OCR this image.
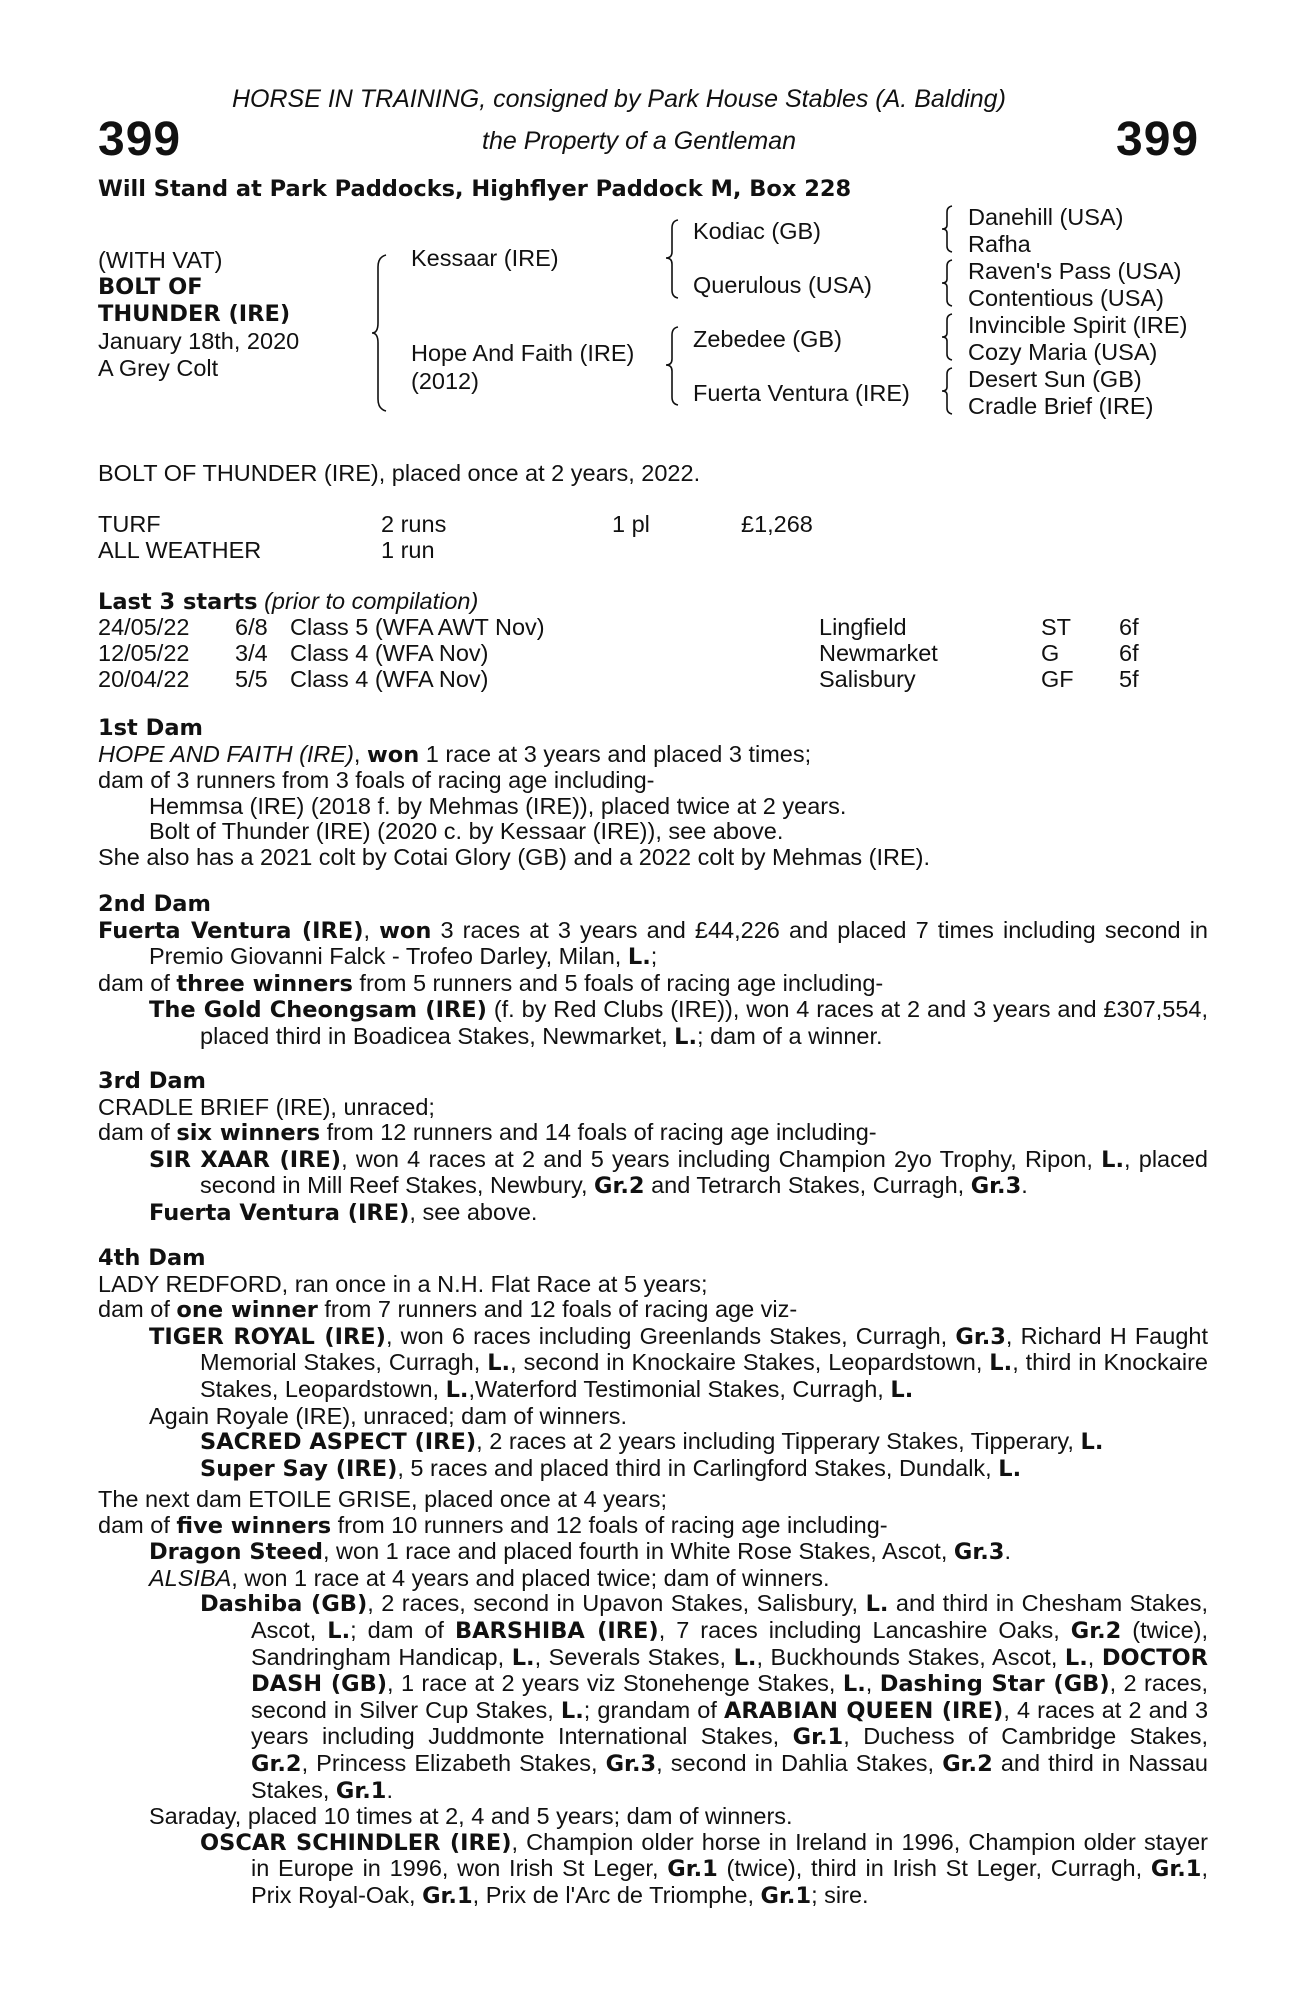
399	399
HORSE IN TRAINING, consigned by Park House Stables (A. Balding)
the Property of a Gentleman
Will Stand at Park Paddocks, Highflyer Paddock M, Box 228
(WITH VAT)
BOLT OF
THUNDER (IRE)
January 18th, 2020
A Grey Colt
Kessaar (IRE)
Hope And Faith (IRE)
(2012)
Kodiac (GB)
Querulous (USA)
Zebedee (GB)
Fuerta Ventura (IRE)
Danehill (USA)
Rafha
Raven's Pass (USA)
Contentious (USA)
Invincible Spirit (IRE)
Cozy Maria (USA)
Desert Sun (GB)
Cradle Brief (IRE)
BOLT OF THUNDER (IRE), placed once at 2 years, 2022.
TURF	2 runs	1 pl	£1,268
ALL WEATHER	1 run
Last 3 starts (prior to compilation)
24/05/22 6/8 Class 5 (WFA AWT Nov)	Lingfield	ST 6f
12/05/22 3/4 Class 4 (WFA Nov)	Newmarket	G	6f
20/04/22 5/5 Class 4 (WFA Nov)	Salisbury	GF 5f

1st Dam

HOPE AND FAITH (IRE), won 1 race at 3 years and placed 3 times;

dam of 3 runners from 3 foals of racing age including-

Hemmsa (IRE) (2018 f. by Mehmas (IRE)), placed twice at 2 years.

Bolt of Thunder (IRE) (2020 c. by Kessaar (IRE)), see above.

She also has a 2021 colt by Cotai Glory (GB) and a 2022 colt by Mehmas (IRE).

2nd Dam

Fuerta Ventura (IRE), won 3 races at 3 years and £44,226 and placed 7 times including second in Premio Giovanni Falck - Trofeo Darley, Milan, L.;

dam of three winners from 5 runners and 5 foals of racing age including-

The Gold Cheongsam (IRE) (f. by Red Clubs (IRE)), won 4 races at 2 and 3 years and £307,554, placed third in Boadicea Stakes, Newmarket, L.; dam of a winner.

3rd Dam

CRADLE BRIEF (IRE), unraced;

dam of six winners from 12 runners and 14 foals of racing age including-

SIR XAAR (IRE), won 4 races at 2 and 5 years including Champion 2yo Trophy, Ripon, L., placed second in Mill Reef Stakes, Newbury, Gr.2 and Tetrarch Stakes, Curragh, Gr.3.

Fuerta Ventura (IRE), see above.

4th Dam

LADY REDFORD, ran once in a N.H. Flat Race at 5 years;

dam of one winner from 7 runners and 12 foals of racing age viz-

TIGER ROYAL (IRE), won 6 races including Greenlands Stakes, Curragh, Gr.3, Richard H Faught Memorial Stakes, Curragh, L., second in Knockaire Stakes, Leopardstown, L., third in Knockaire Stakes, Leopardstown, L.,Waterford Testimonial Stakes, Curragh, L.

Again Royale (IRE), unraced; dam of winners.

SACRED ASPECT (IRE), 2 races at 2 years including Tipperary Stakes, Tipperary, L.

Super Say (IRE), 5 races and placed third in Carlingford Stakes, Dundalk, L.

The next dam ETOILE GRISE, placed once at 4 years;

dam of five winners from 10 runners and 12 foals of racing age including-

Dragon Steed, won 1 race and placed fourth in White Rose Stakes, Ascot, Gr.3.

ALSIBA, won 1 race at 4 years and placed twice; dam of winners.

Dashiba (GB), 2 races, second in Upavon Stakes, Salisbury, L. and third in Chesham Stakes, Ascot, L.; dam of BARSHIBA (IRE), 7 races including Lancashire Oaks, Gr.2 (twice), Sandringham Handicap, L., Severals Stakes, L., Buckhounds Stakes, Ascot, L., DOCTOR DASH (GB), 1 race at 2 years viz Stonehenge Stakes, L., Dashing Star (GB), 2 races, second in Silver Cup Stakes, L.; grandam of ARABIAN QUEEN (IRE), 4 races at 2 and 3 years including Juddmonte International Stakes, Gr.1, Duchess of Cambridge Stakes, Gr.2, Princess Elizabeth Stakes, Gr.3, second in Dahlia Stakes, Gr.2 and third in Nassau Stakes, Gr.1.

Saraday, placed 10 times at 2, 4 and 5 years; dam of winners.

OSCAR SCHINDLER (IRE), Champion older horse in Ireland in 1996, Champion older stayer in Europe in 1996, won Irish St Leger, Gr.1 (twice), third in Irish St Leger, Curragh, Gr.1, Prix Royal-Oak, Gr.1, Prix de l'Arc de Triomphe, Gr.1; sire.
